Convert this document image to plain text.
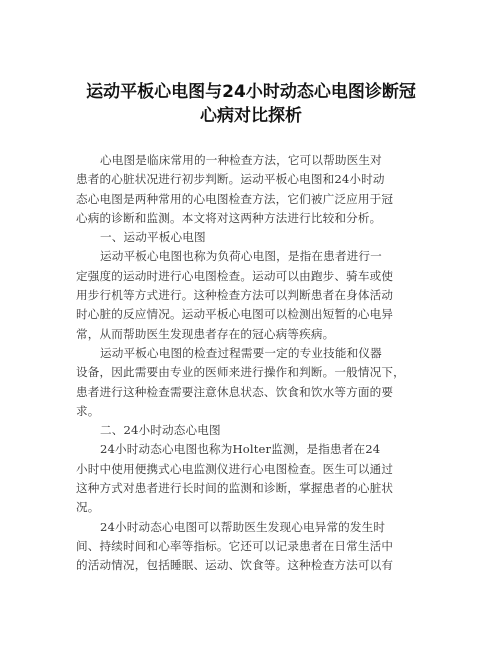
运动平板心电图与24小时动态心电图诊断冠
心病对比探析
心电图是临床常用的一种检查方法，它可以帮助医生对
患者的心脏状况进行初步判断。运动平板心电图和24小时动
态心电图是两种常用的心电图检查方法，它们被广泛应用于冠
心病的诊断和监测。本文将对这两种方法进行比较和分析。
一、运动平板心电图
运动平板心电图也称为负荷心电图，是指在患者进行一
定强度的运动时进行心电图检查。运动可以由跑步、骑车或使
用步行机等方式进行。这种检查方法可以判断患者在身体活动
时心脏的反应情况。运动平板心电图可以检测出短暂的心电异
常，从而帮助医生发现患者存在的冠心病等疾病。
运动平板心电图的检查过程需要一定的专业技能和仪器
设备，因此需要由专业的医师来进行操作和判断。一般情况下，
患者进行这种检查需要注意休息状态、饮食和饮水等方面的要
求。
二、24小时动态心电图
24小时动态心电图也称为Holter监测，是指患者在24
小时中使用便携式心电监测仪进行心电图检查。医生可以通过
这种方式对患者进行长时间的监测和诊断，掌握患者的心脏状
况。
24小时动态心电图可以帮助医生发现心电异常的发生时
间、持续时间和心率等指标。它还可以记录患者在日常生活中
的活动情况，包括睡眠、运动、饮食等。这种检查方法可以有
